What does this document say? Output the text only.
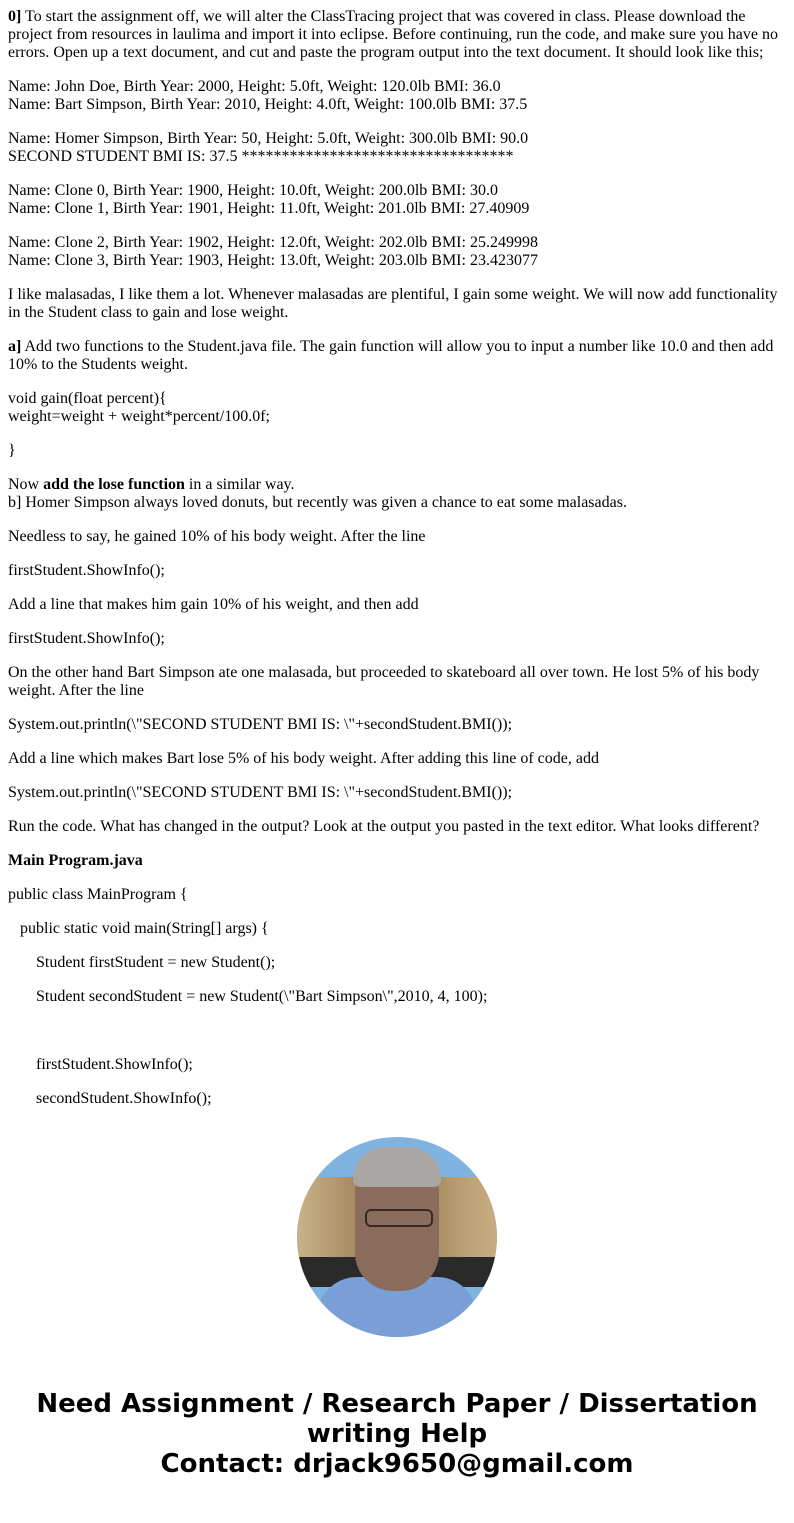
0] To start the assignment off, we will alter the ClassTracing project that was covered in class. Please download the project from resources in laulima and import it into eclipse. Before continuing, run the code, and make sure you have no errors. Open up a text document, and cut and paste the program output into the text document. It should look like this;

Name: John Doe, Birth Year: 2000, Height: 5.0ft, Weight: 120.0lb BMI: 36.0
Name: Bart Simpson, Birth Year: 2010, Height: 4.0ft, Weight: 100.0lb BMI: 37.5

Name: Homer Simpson, Birth Year: 50, Height: 5.0ft, Weight: 300.0lb BMI: 90.0
SECOND STUDENT BMI IS: 37.5 **********************************

Name: Clone 0, Birth Year: 1900, Height: 10.0ft, Weight: 200.0lb BMI: 30.0
Name: Clone 1, Birth Year: 1901, Height: 11.0ft, Weight: 201.0lb BMI: 27.40909

Name: Clone 2, Birth Year: 1902, Height: 12.0ft, Weight: 202.0lb BMI: 25.249998
Name: Clone 3, Birth Year: 1903, Height: 13.0ft, Weight: 203.0lb BMI: 23.423077

I like malasadas, I like them a lot. Whenever malasadas are plentiful, I gain some weight. We will now add functionality in the Student class to gain and lose weight.

a] Add two functions to the Student.java file. The gain function will allow you to input a number like 10.0 and then add 10% to the Students weight.

void gain(float percent){
weight=weight + weight*percent/100.0f;

}

Now add the lose function in a similar way.
b] Homer Simpson always loved donuts, but recently was given a chance to eat some malasadas.

Needless to say, he gained 10% of his body weight. After the line

firstStudent.ShowInfo();

Add a line that makes him gain 10% of his weight, and then add

firstStudent.ShowInfo();

On the other hand Bart Simpson ate one malasada, but proceeded to skateboard all over town. He lost 5% of his body weight. After the line

System.out.println(\"SECOND STUDENT BMI IS: \"+secondStudent.BMI());

Add a line which makes Bart lose 5% of his body weight. After adding this line of code, add

System.out.println(\"SECOND STUDENT BMI IS: \"+secondStudent.BMI());

Run the code. What has changed in the output? Look at the output you pasted in the text editor. What looks different?

Main Program.java

public class MainProgram {

public static void main(String[] args) {

Student firstStudent = new Student();

Student secondStudent = new Student(\"Bart Simpson\",2010, 4, 100);

firstStudent.ShowInfo();

secondStudent.ShowInfo();

Need Assignment / Research Paper / Dissertation
writing Help
Contact: drjack9650@gmail.com
